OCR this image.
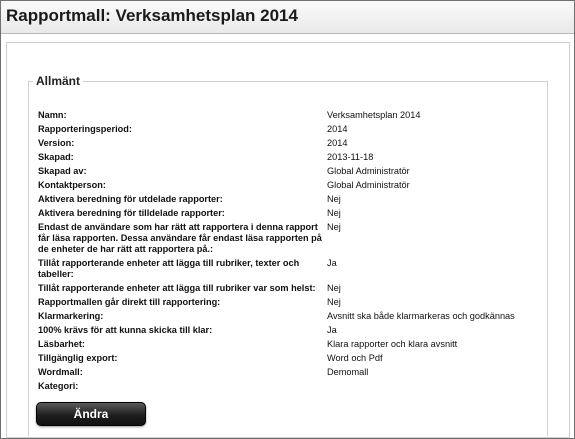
Rapportmall: Verksamhetsplan 2014
Allmänt
Namn:	Verksamhetsplan 2014
Rapporteringsperiod:	2014
Version:	2014
Skapad:	2013-11-18
Skapad av:	Global Administratör
Kontaktperson:	Global Administratör
Aktivera beredning för utdelade rapporter:	Nej
Aktivera beredning för tilldelade rapporter:	Nej
Endast de användare som har rätt att rapportera i denna rapport får läsa rapporten. Dessa användare får endast läsa rapporten på de enheter de har rätt att rapportera på.:
Nej
Tillåt rapporterande enheter att lägga till rubriker, texter och tabeller:
Ja
Tillåt rapporterande enheter att lägga till rubriker var som helst:	Nej
Rapportmallen går direkt till rapportering:	Nej
Klarmarkering:	Avsnitt ska både klarmarkeras och godkännas
100% krävs för att kunna skicka till klar:	Ja
Läsbarhet:	Klara rapporter och klara avsnitt
Tillgänglig export:	Word och Pdf
Wordmall:	Demomall
Kategori:
Ändra
